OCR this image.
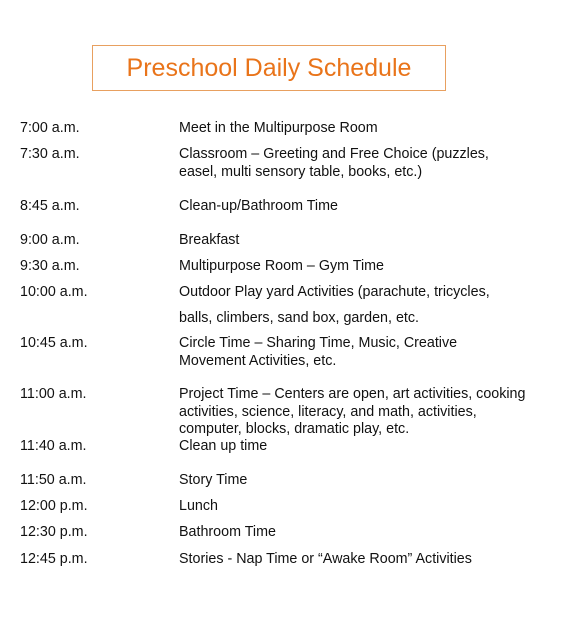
Preschool Daily Schedule
7:00 a.m.	Meet in the Multipurpose Room
7:30 a.m.	Classroom – Greeting and Free Choice (puzzles,
easel, multi sensory table, books, etc.)
8:45 a.m.	Clean-up/Bathroom Time
9:00 a.m.	Breakfast
9:30 a.m.	Multipurpose Room – Gym Time
10:00 a.m.	Outdoor Play yard Activities (parachute, tricycles,
balls, climbers, sand box, garden, etc.
10:45 a.m.	Circle Time – Sharing Time, Music, Creative
Movement Activities, etc.
11:00 a.m.	Project Time – Centers are open, art activities, cooking
activities, science, literacy, and math, activities,
computer, blocks, dramatic play, etc.
11:40 a.m.	Clean up time
11:50 a.m.	Story Time
12:00 p.m.	Lunch
12:30 p.m.	Bathroom Time
12:45 p.m.	Stories - Nap Time or “Awake Room” Activities
